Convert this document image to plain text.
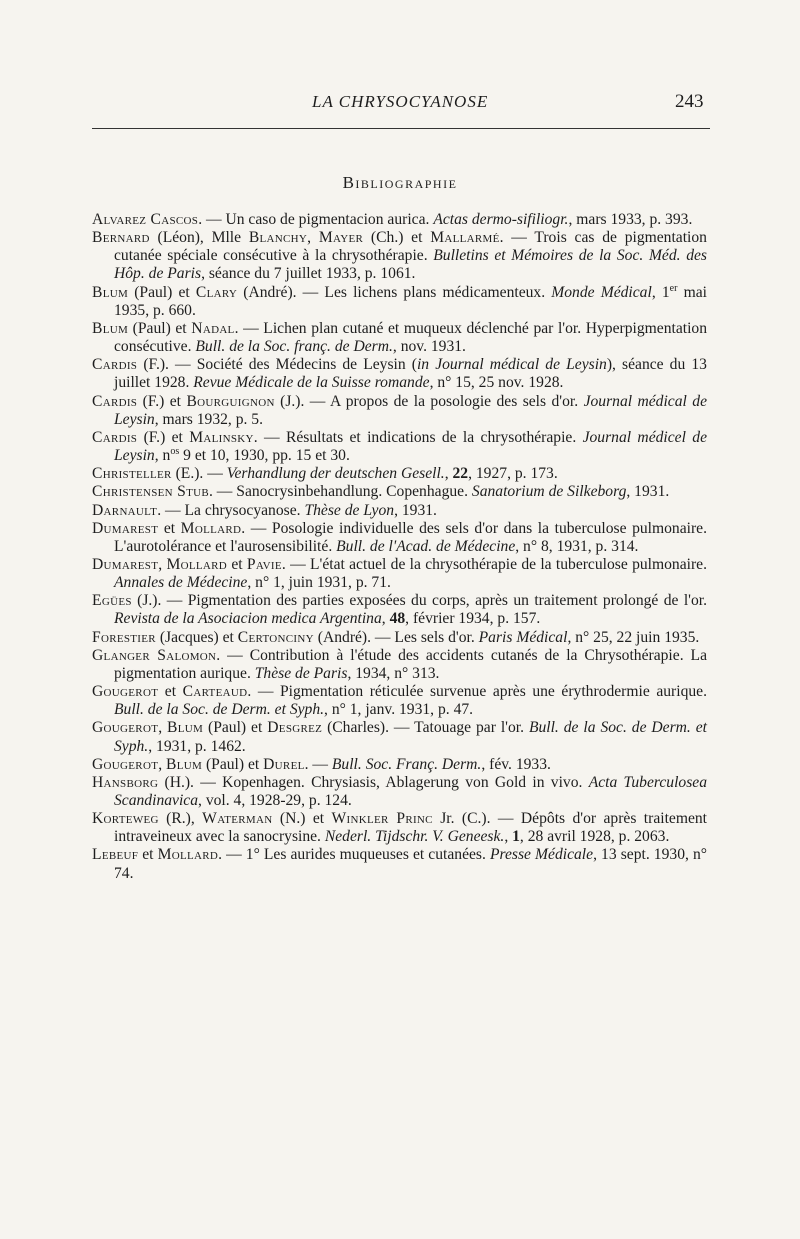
LA CHRYSOCYANOSE	243
Bibliographie
Alvarez Cascos. — Un caso de pigmentacion aurica. Actas dermo-sifiliogr., mars 1933, p. 393.
Bernard (Léon), Mlle Blanchy, Mayer (Ch.) et Mallarmé. — Trois cas de pigmentation cutanée spéciale consécutive à la chrysothérapie. Bulletins et Mémoires de la Soc. Méd. des Hôp. de Paris, séance du 7 juillet 1933, p. 1061.
Blum (Paul) et Clary (André). — Les lichens plans médicamenteux. Monde Médical, 1er mai 1935, p. 660.
Blum (Paul) et Nadal. — Lichen plan cutané et muqueux déclenché par l'or. Hyperpigmentation consécutive. Bull. de la Soc. franç. de Derm., nov. 1931.
Cardis (F.). — Société des Médecins de Leysin (in Journal médical de Leysin), séance du 13 juillet 1928. Revue Médicale de la Suisse romande, n° 15, 25 nov. 1928.
Cardis (F.) et Bourguignon (J.). — A propos de la posologie des sels d'or. Journal médical de Leysin, mars 1932, p. 5.
Cardis (F.) et Malinsky. — Résultats et indications de la chrysothérapie. Journal médicel de Leysin, $n^{os}$ 9 et 10, 1930, pp. 15 et 30.
Christeller (E.). — Verhandlung der deutschen Gesell., 22, 1927, p. 173.
Christensen Stub. — Sanocrysinbehandlung. Copenhague. Sanatorium de Silkeborg, 1931.
Darnault. — La chrysocyanose. Thèse de Lyon, 1931.
Dumarest et Mollard. — Posologie individuelle des sels d'or dans la tuberculose pulmonaire. L'aurotolérance et l'aurosensibilité. Bull. de l'Acad. de Médecine, n° 8, 1931, p. 314.
Dumarest, Mollard et Pavie. — L'état actuel de la chrysothérapie de la tuberculose pulmonaire. Annales de Médecine, n° 1, juin 1931, p. 71.
Egües (J.). — Pigmentation des parties exposées du corps, après un traitement prolongé de l'or. Revista de la Asociacion medica Argentina, 48, février 1934, p. 157.
Forestier (Jacques) et Certonciny (André). — Les sels d'or. Paris Médical, n° 25, 22 juin 1935.
Glanger Salomon. — Contribution à l'étude des accidents cutanés de la Chrysothérapie. La pigmentation aurique. Thèse de Paris, 1934, n° 313.
Gougerot et Carteaud. — Pigmentation réticulée survenue après une érythrodermie aurique. Bull. de la Soc. de Derm. et Syph., n° 1, janv. 1931, p. 47.
Gougerot, Blum (Paul) et Desgrez (Charles). — Tatouage par l'or. Bull. de la Soc. de Derm. et Syph., 1931, p. 1462.
Gougerot, Blum (Paul) et Durel. — Bull. Soc. Franç. Derm., fév. 1933.
Hansborg (H.). — Kopenhagen. Chrysiasis, Ablagerung von Gold in vivo. Acta Tuberculosea Scandinavica, vol. 4, 1928-29, p. 124.
Korteweg (R.), Waterman (N.) et Winkler Princ Jr. (C.). — Dépôts d'or après traitement intraveineux avec la sanocrysine. Nederl. Tijdschr. V. Geneesk., 1, 28 avril 1928, p. 2063.
Lebeuf et Mollard. — 1° Les aurides muqueuses et cutanées. Presse Médicale, 13 sept. 1930, n° 74.
